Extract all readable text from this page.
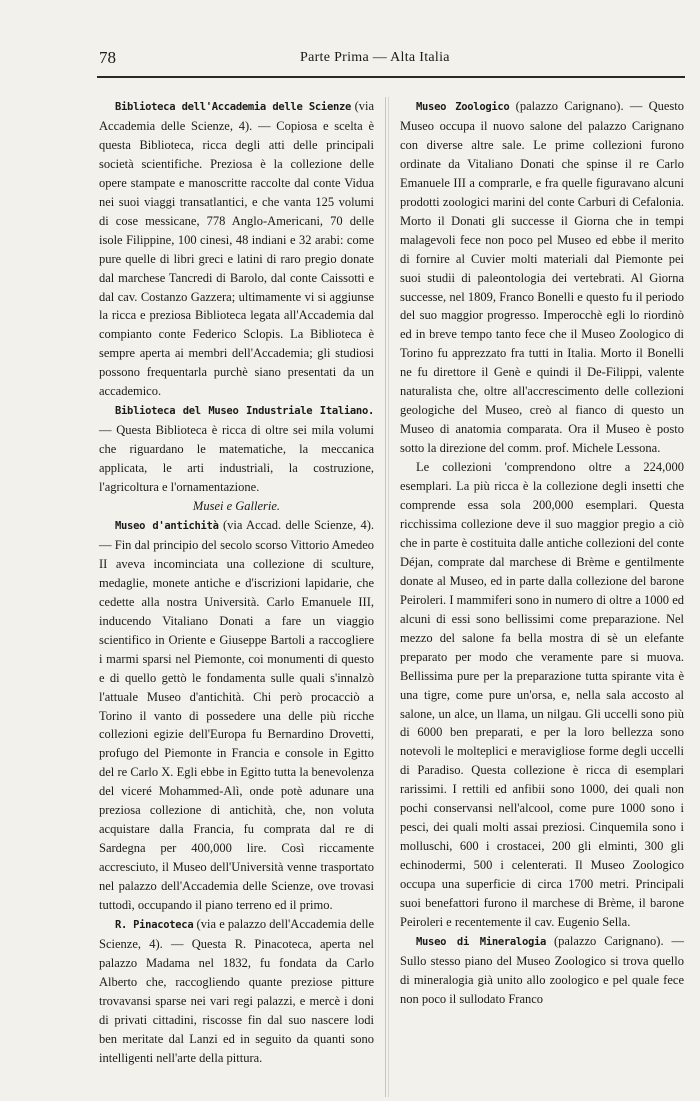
78	Parte Prima — Alta Italia

Biblioteca dell'Accademia delle Scienze (via Accademia delle Scienze, 4). — Copiosa e scelta è questa Biblioteca, ricca degli atti delle principali società scientifiche. Preziosa è la collezione delle opere stampate e manoscritte raccolte dal conte Vidua nei suoi viaggi transatlantici, e che vanta 125 volumi di cose messicane, 778 Anglo-Americani, 70 delle isole Filippine, 100 cinesi, 48 indiani e 32 arabi: come pure quelle di libri greci e latini di raro pregio donate dal marchese Tancredi di Barolo, dal conte Caissotti e dal cav. Costanzo Gazzera; ultimamente vi si aggiunse la ricca e preziosa Biblioteca legata all'Accademia dal compianto conte Federico Sclopis. La Biblioteca è sempre aperta ai membri dell'Accademia; gli studiosi possono frequentarla purchè siano presentati da un accademico.

Biblioteca del Museo Industriale Italiano. — Questa Biblioteca è ricca di oltre sei mila volumi che riguardano le matematiche, la meccanica applicata, le arti industriali, la costruzione, l'agricoltura e l'ornamentazione.

Musei e Gallerie.

Museo d'antichità (via Accad. delle Scienze, 4). — Fin dal principio del secolo scorso Vittorio Amedeo II aveva incominciata una collezione di sculture, medaglie, monete antiche e d'iscrizioni lapidarie, che cedette alla nostra Università. Carlo Emanuele III, inducendo Vitaliano Donati a fare un viaggio scientifico in Oriente e Giuseppe Bartoli a raccogliere i marmi sparsi nel Piemonte, coi monumenti di questo e di quello gettò le fondamenta sulle quali s'innalzò l'attuale Museo d'antichità. Chi però procacciò a Torino il vanto di possedere una delle più ricche collezioni egizie dell'Europa fu Bernardino Drovetti, profugo del Piemonte in Francia e console in Egitto del re Carlo X. Egli ebbe in Egitto tutta la benevolenza del viceré Mohammed-Alì, onde potè adunare una preziosa collezione di antichità, che, non voluta acquistare dalla Francia, fu comprata dal re di Sardegna per 400,000 lire. Così riccamente accresciuto, il Museo dell'Università venne trasportato nel palazzo dell'Accademia delle Scienze, ove trovasi tuttodì, occupando il piano terreno ed il primo.

R. Pinacoteca (via e palazzo dell'Accademia delle Scienze, 4). — Questa R. Pinacoteca, aperta nel palazzo Madama nel 1832, fu fondata da Carlo Alberto che, raccogliendo quante preziose pitture trovavansi sparse nei vari regi palazzi, e mercè i doni di privati cittadini, riscosse fin dal suo nascere lodi ben meritate dal Lanzi ed in seguito da quanti sono intelligenti nell'arte della pittura.

Museo Zoologico (palazzo Carignano). — Questo Museo occupa il nuovo salone del palazzo Carignano con diverse altre sale. Le prime collezioni furono ordinate da Vitaliano Donati che spinse il re Carlo Emanuele III a comprarle, e fra quelle figuravano alcuni prodotti zoologici marini del conte Carburi di Cefalonia. Morto il Donati gli successe il Giorna che in tempi malagevoli fece non poco pel Museo ed ebbe il merito di fornire al Cuvier molti materiali dal Piemonte pei suoi studii di paleontologia dei vertebrati. Al Giorna successe, nel 1809, Franco Bonelli e questo fu il periodo del suo maggior progresso. Imperocchè egli lo riordinò ed in breve tempo tanto fece che il Museo Zoologico di Torino fu apprezzato fra tutti in Italia. Morto il Bonelli ne fu direttore il Genè e quindi il De-Filippi, valente naturalista che, oltre all'accrescimento delle collezioni geologiche del Museo, creò al fianco di questo un Museo di anatomia comparata. Ora il Museo è posto sotto la direzione del comm. prof. Michele Lessona.

Le collezioni 'comprendono oltre a 224,000 esemplari. La più ricca è la collezione degli insetti che comprende essa sola 200,000 esemplari. Questa ricchissima collezione deve il suo maggior pregio a ciò che in parte è costituita dalle antiche collezioni del conte Déjan, comprate dal marchese di Brème e gentilmente donate al Museo, ed in parte dalla collezione del barone Peiroleri. I mammiferi sono in numero di oltre a 1000 ed alcuni di essi sono bellissimi come preparazione. Nel mezzo del salone fa bella mostra di sè un elefante preparato per modo che veramente pare si muova. Bellissima pure per la preparazione tutta spirante vita è una tigre, come pure un'orsa, e, nella sala accosto al salone, un alce, un llama, un nilgau. Gli uccelli sono più di 6000 ben preparati, e per la loro bellezza sono notevoli le molteplici e meravigliose forme degli uccelli di Paradiso. Questa collezione è ricca di esemplari rarissimi. I rettili ed anfibii sono 1000, dei quali non pochi conservansi nell'alcool, come pure 1000 sono i pesci, dei quali molti assai preziosi. Cinquemila sono i molluschi, 600 i crostacei, 200 gli elminti, 300 gli echinodermi, 500 i celenterati. Il Museo Zoologico occupa una superficie di circa 1700 metri. Principali suoi benefattori furono il marchese di Brème, il barone Peiroleri e recentemente il cav. Eugenio Sella.

Museo di Mineralogia (palazzo Carignano). — Sullo stesso piano del Museo Zoologico si trova quello di mineralogia già unito allo zoologico e pel quale fece non poco il sullodato Franco
